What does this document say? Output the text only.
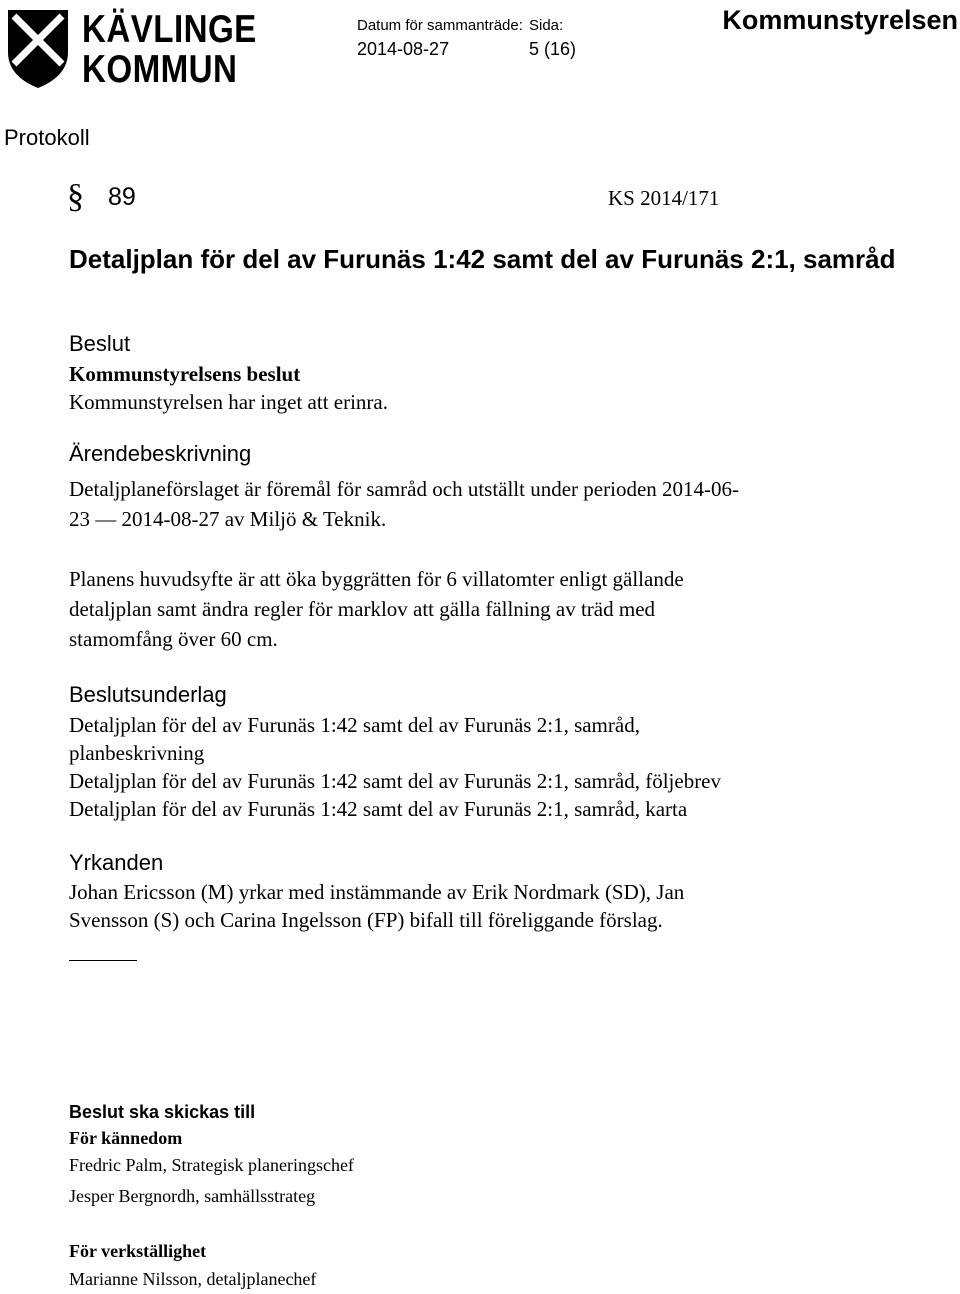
KÄVLINGE
KOMMUN
Datum för sammanträde: Sida:
2014-08-27	5 (16)
Kommunstyrelsen
Protokoll
§ 89	KS 2014/171
Detaljplan för del av Furunäs 1:42 samt del av Furunäs 2:1, samråd
Beslut
Kommunstyrelsens beslut
Kommunstyrelsen har inget att erinra.
Ärendebeskrivning

Detaljplaneförslaget är föremål för samråd och utställt under perioden 2014-06-

23 — 2014-08-27 av Miljö & Teknik.

Planens huvudsyfte är att öka byggrätten för 6 villatomter enligt gällande

detaljplan samt ändra regler för marklov att gälla fällning av träd med

stamomfång över 60 cm.

Beslutsunderlag

Detaljplan för del av Furunäs 1:42 samt del av Furunäs 2:1, samråd,

planbeskrivning

Detaljplan för del av Furunäs 1:42 samt del av Furunäs 2:1, samråd, följebrev

Detaljplan för del av Furunäs 1:42 samt del av Furunäs 2:1, samråd, karta

Yrkanden

Johan Ericsson (M) yrkar med instämmande av Erik Nordmark (SD), Jan

Svensson (S) och Carina Ingelsson (FP) bifall till föreliggande förslag.

Beslut ska skickas till
För kännedom
Fredric Palm, Strategisk planeringschef
Jesper Bergnordh, samhällsstrateg
För verkställighet
Marianne Nilsson, detaljplanechef
